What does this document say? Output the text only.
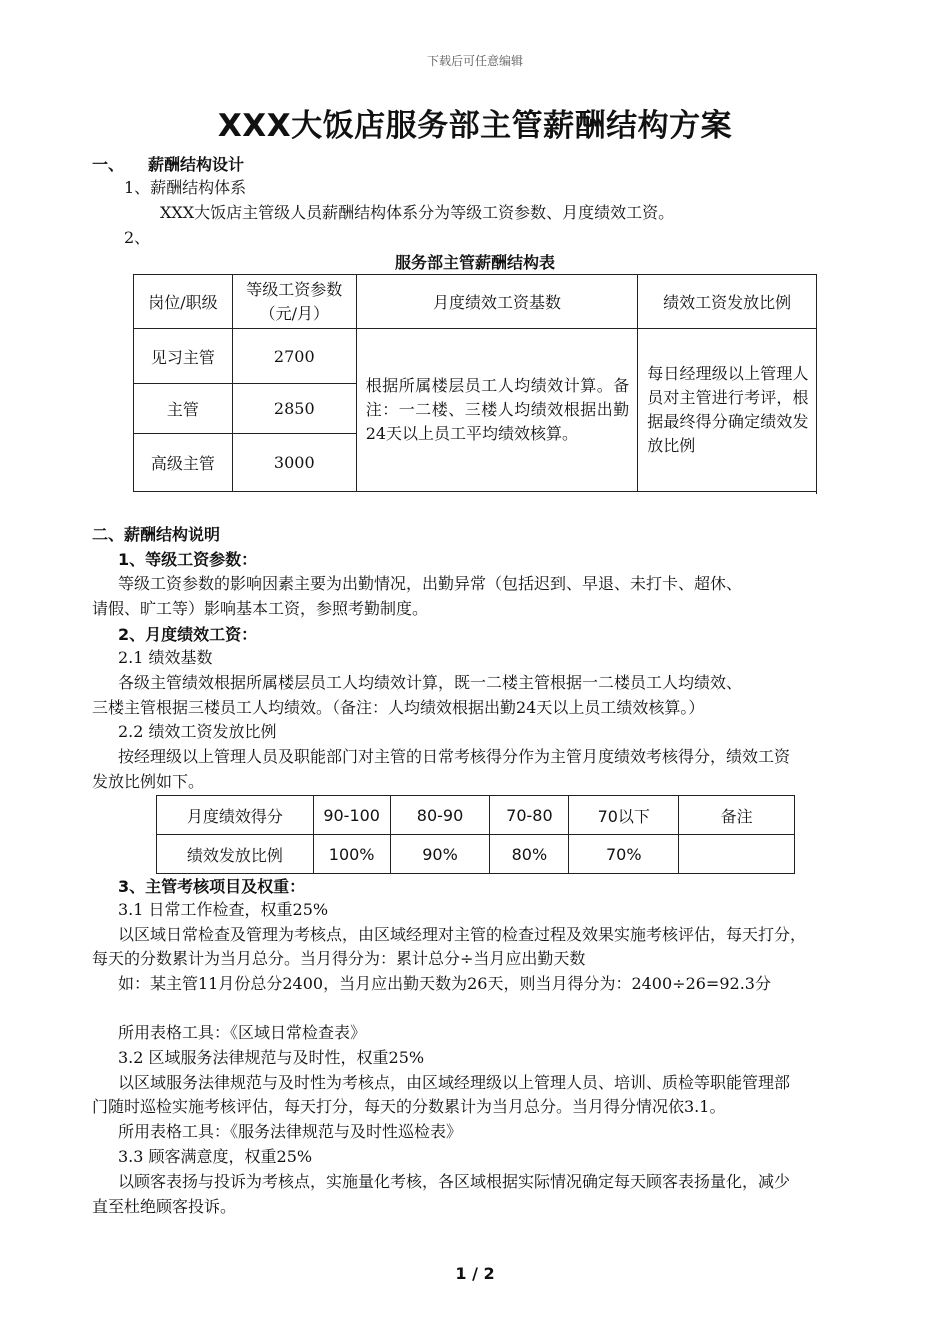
下载后可任意编辑
XXX大饭店服务部主管薪酬结构方案
一、 薪酬结构设计
1、薪酬结构体系
XXX大饭店主管级人员薪酬结构体系分为等级工资参数、月度绩效工资。
2、
服务部主管薪酬结构表
岗位/职级	等级工资参数（元/月）	月度绩效工资基数	绩效工资发放比例
见习主管	2700	根据所属楼层员工人均绩效计算。备注：一二楼、三楼人均绩效根据出勤24天以上员工平均绩效核算。	每日经理级以上管理人员对主管进行考评，根据最终得分确定绩效发放比例
主管	2850		
高级主管	3000		
二、薪酬结构说明
1、等级工资参数：
等级工资参数的影响因素主要为出勤情况，出勤异常（包括迟到、早退、未打卡、超休、
请假、旷工等）影响基本工资，参照考勤制度。
2、月度绩效工资：
2.1 绩效基数
各级主管绩效根据所属楼层员工人均绩效计算，既一二楼主管根据一二楼员工人均绩效、
三楼主管根据三楼员工人均绩效。（备注：人均绩效根据出勤24天以上员工绩效核算。）
2.2 绩效工资发放比例
按经理级以上管理人员及职能部门对主管的日常考核得分作为主管月度绩效考核得分，绩效工资
发放比例如下。
月度绩效得分	90-100	80-90	70-80	70以下	备注
绩效发放比例	100%	90%	80%	70%	
3、主管考核项目及权重：
3.1 日常工作检查，权重25%
以区域日常检查及管理为考核点，由区域经理对主管的检查过程及效果实施考核评估，每天打分，
每天的分数累计为当月总分。当月得分为：累计总分÷当月应出勤天数
如：某主管11月份总分2400，当月应出勤天数为26天，则当月得分为：2400÷26=92.3分
所用表格工具：《区域日常检查表》
3.2 区域服务法律规范与及时性，权重25%
以区域服务法律规范与及时性为考核点，由区域经理级以上管理人员、培训、质检等职能管理部
门随时巡检实施考核评估，每天打分，每天的分数累计为当月总分。当月得分情况依3.1。
所用表格工具：《服务法律规范与及时性巡检表》
3.3 顾客满意度，权重25%
以顾客表扬与投诉为考核点，实施量化考核，各区域根据实际情况确定每天顾客表扬量化，减少
直至杜绝顾客投诉。
1 / 2
